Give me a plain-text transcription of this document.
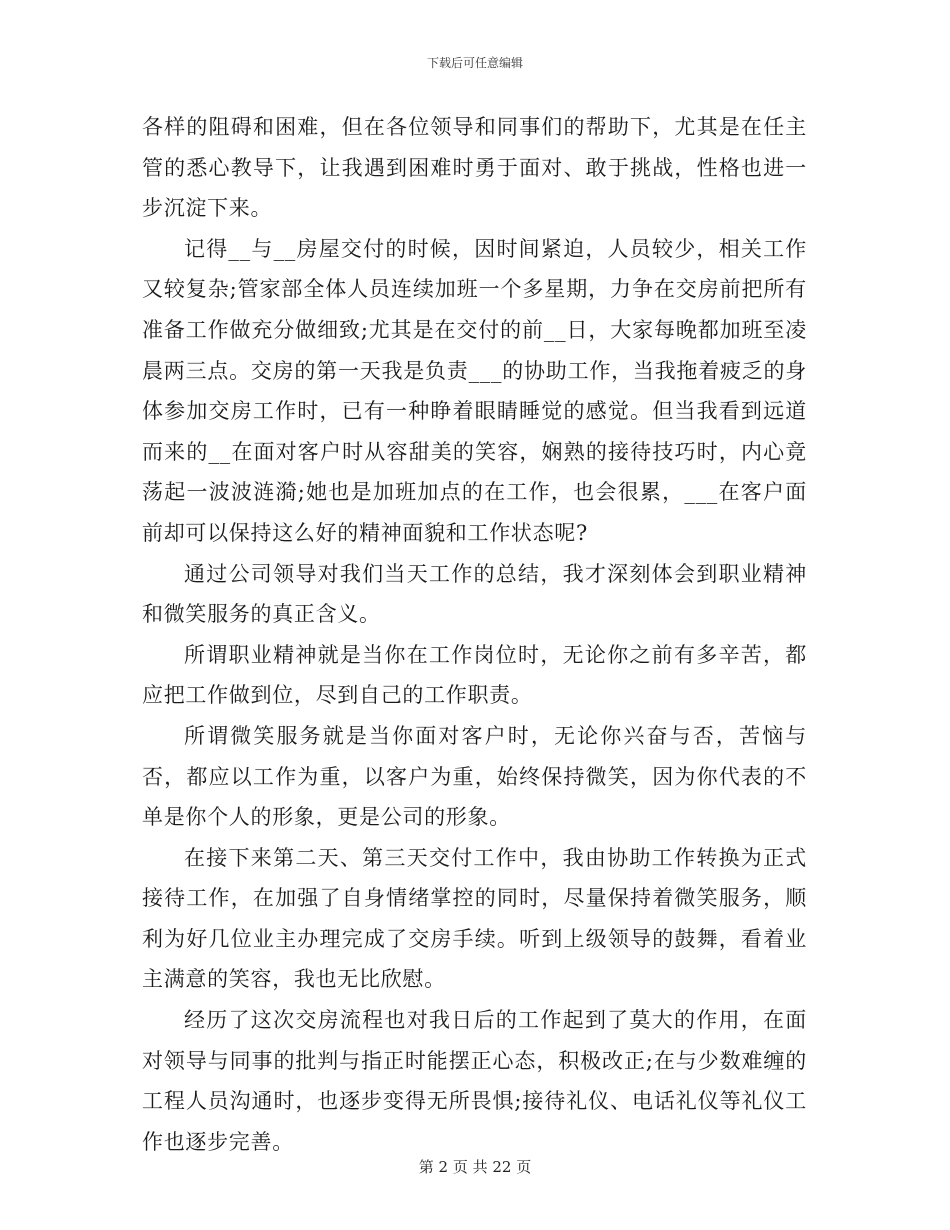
下载后可任意编辑

各样的阻碍和困难，但在各位领导和同事们的帮助下，尤其是在任主管的悉心教导下，让我遇到困难时勇于面对、敢于挑战，性格也进一步沉淀下来。

记得__与__房屋交付的时候，因时间紧迫，人员较少，相关工作又较复杂;管家部全体人员连续加班一个多星期，力争在交房前把所有准备工作做充分做细致;尤其是在交付的前__日，大家每晚都加班至凌晨两三点。交房的第一天我是负责___的协助工作，当我拖着疲乏的身体参加交房工作时，已有一种睁着眼睛睡觉的感觉。但当我看到远道而来的__在面对客户时从容甜美的笑容，娴熟的接待技巧时，内心竟荡起一波波涟漪;她也是加班加点的在工作，也会很累，___在客户面前却可以保持这么好的精神面貌和工作状态呢?

通过公司领导对我们当天工作的总结，我才深刻体会到职业精神和微笑服务的真正含义。

所谓职业精神就是当你在工作岗位时，无论你之前有多辛苦，都应把工作做到位，尽到自己的工作职责。

所谓微笑服务就是当你面对客户时，无论你兴奋与否，苦恼与否，都应以工作为重，以客户为重，始终保持微笑，因为你代表的不单是你个人的形象，更是公司的形象。

在接下来第二天、第三天交付工作中，我由协助工作转换为正式接待工作，在加强了自身情绪掌控的同时，尽量保持着微笑服务，顺利为好几位业主办理完成了交房手续。听到上级领导的鼓舞，看着业主满意的笑容，我也无比欣慰。

经历了这次交房流程也对我日后的工作起到了莫大的作用，在面对领导与同事的批判与指正时能摆正心态，积极改正;在与少数难缠的工程人员沟通时，也逐步变得无所畏惧;接待礼仪、电话礼仪等礼仪工作也逐步完善。

第 2 页 共 22 页
